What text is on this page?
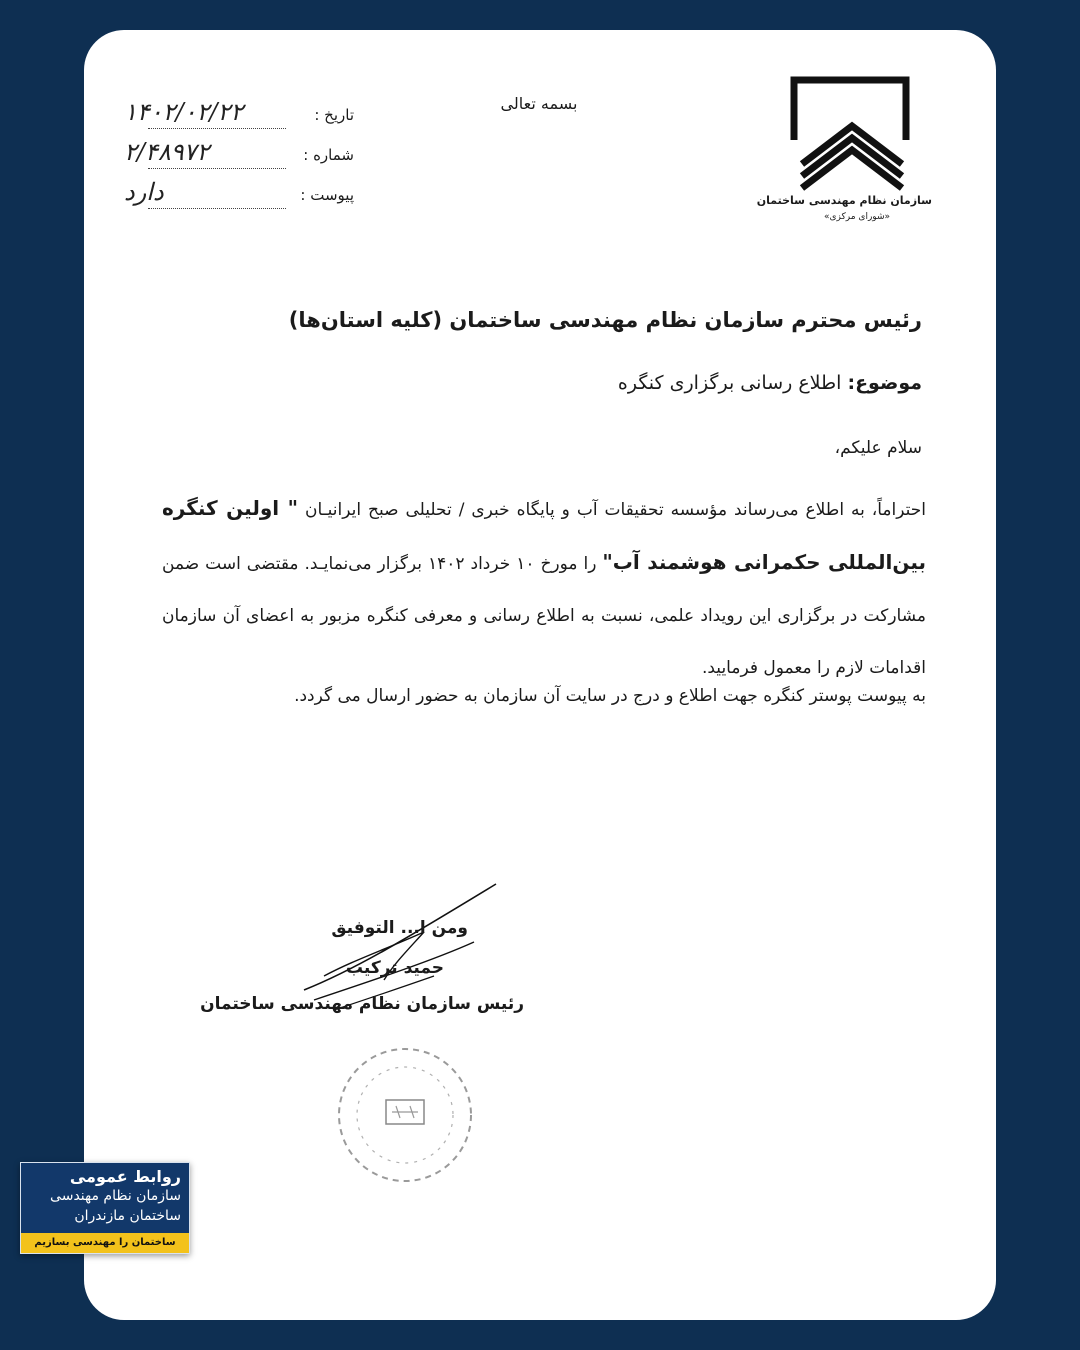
سازمان نظام مهندسی ساختمان
«شورای مرکزی»
بسمه تعالی
تاریخ :
۱۴۰۲/۰۲/۲۲
شماره :
۲/۴۸۹۷۲
پیوست :
دارد
رئیس محترم سازمان نظام مهندسی ساختمان (کلیه استان‌ها)
موضوع: اطلاع رسانی برگزاری کنگره
سلام علیکم،
احتراماً، به اطلاع می‌رساند مؤسسه تحقیقات آب و پایگاه خبری / تحلیلی صبح ایرانیـان " اولین کنگره بین‌المللی حکمرانی هوشمند آب" را مورخ ۱۰ خرداد ۱۴۰۲ برگزار می‌نمایـد. مقتضی است ضمن مشارکت در برگزاری این رویداد علمی، نسبت به اطلاع رسانی و معرفی کنگره مزبور به اعضای آن سازمان اقدامات لازم را معمول فرمایید.
به پیوست پوستر کنگره جهت اطلاع و درج در سایت آن سازمان به حضور ارسال می گردد.
ومن ا... التوفیق
حمید ترکیب
رئیس سازمان نظام مهندسی ساختمان
روابط عمومی
سازمان نظام مهندسی
ساختمان مازندران
ساختمان را مهندسی بسازیم
